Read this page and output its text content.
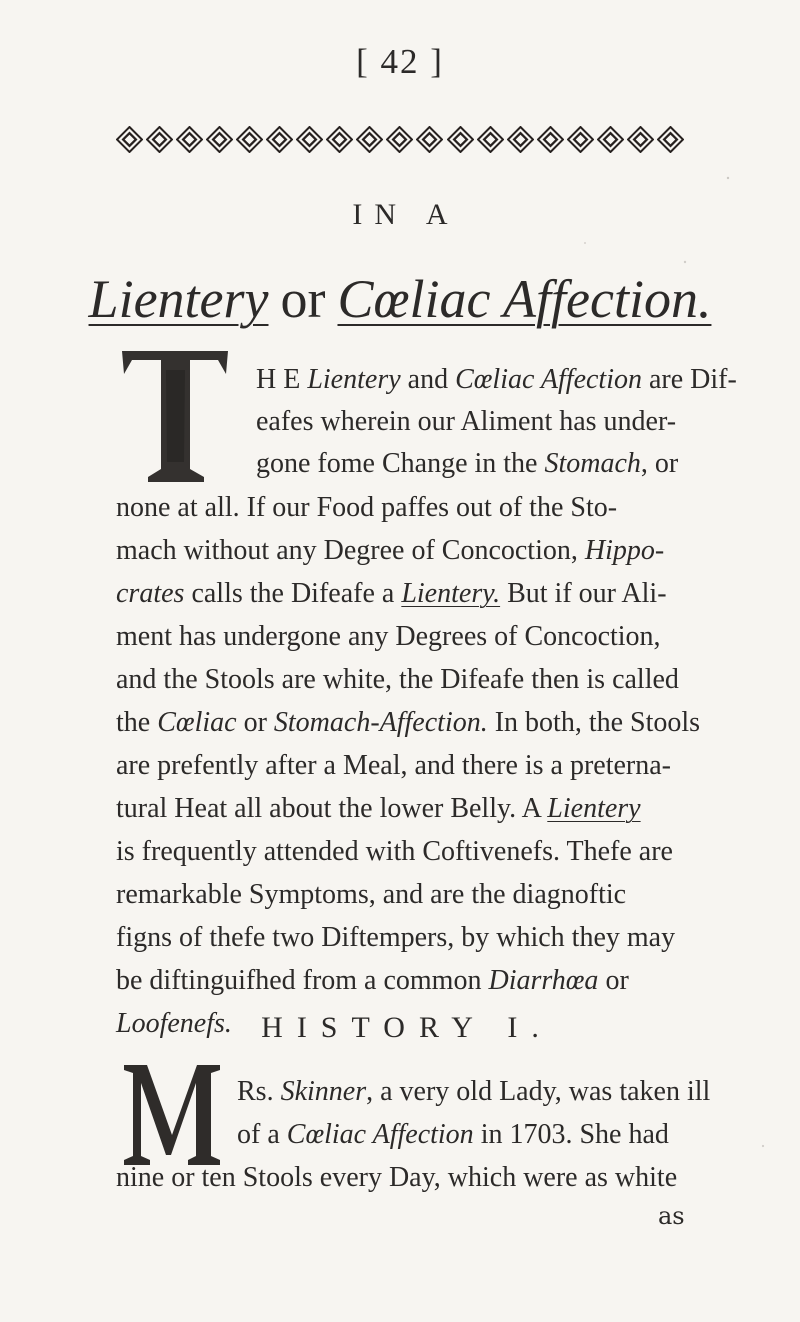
[ 42 ]
IN A
Lientery or Cœliac Affection.
H E Lientery and Cœliac Affection are Dif-
eafes wherein our Aliment has under-
gone fome Change in the Stomach, or
none at all. If our Food paffes out of the Sto-
mach without any Degree of Concoction, Hippo-
crates calls the Difeafe a Lientery. But if our Ali-
ment has undergone any Degrees of Concoction,
and the Stools are white, the Difeafe then is called
the Cœliac or Stomach-Affection. In both, the Stools
are prefently after a Meal, and there is a preterna-
tural Heat all about the lower Belly. A Lientery
is frequently attended with Coftivenefs. Thefe are
remarkable Symptoms, and are the diagnoftic
figns of thefe two Diftempers, by which they may
be diftinguifhed from a common Diarrhœa or
Loofenefs. HISTORY I.
Rs. Skinner, a very old Lady, was taken ill
of a Cœliac Affection in 1703. She had
nine or ten Stools every Day, which were as white
as
